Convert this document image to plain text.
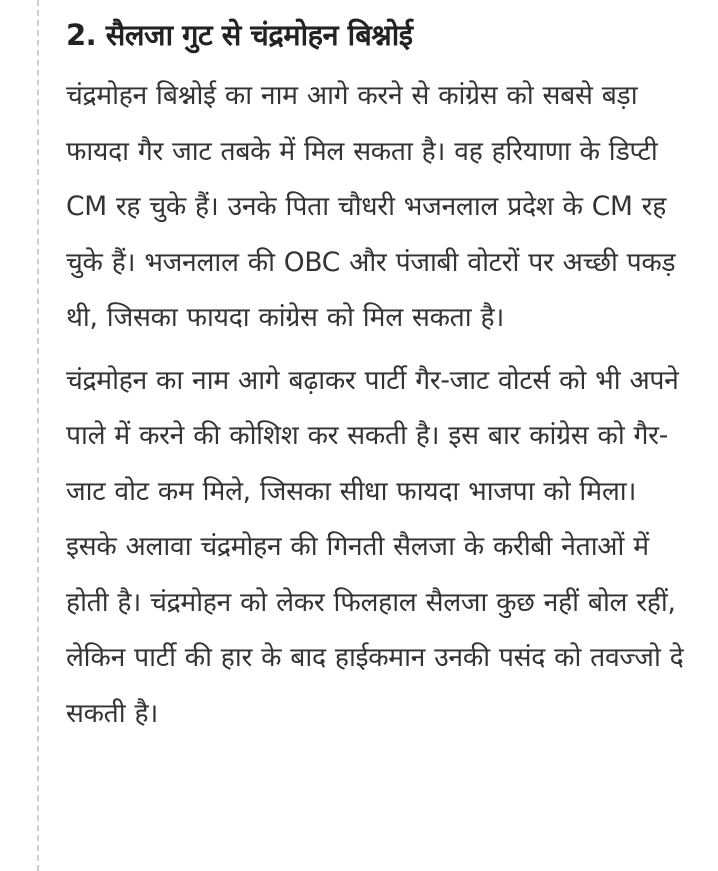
2. सैलजा गुट से चंद्रमोहन बिश्नोई

चंद्रमोहन बिश्नोई का नाम आगे करने से कांग्रेस को सबसे बड़ा फायदा गैर जाट तबके में मिल सकता है। वह हरियाणा के डिप्टी CM रह चुके हैं। उनके पिता चौधरी भजनलाल प्रदेश के CM रह चुके हैं। भजनलाल की OBC और पंजाबी वोटरों पर अच्छी पकड़ थी, जिसका फायदा कांग्रेस को मिल सकता है।

चंद्रमोहन का नाम आगे बढ़ाकर पार्टी गैर-जाट वोटर्स को भी अपने पाले में करने की कोशिश कर सकती है। इस बार कांग्रेस को गैर-जाट वोट कम मिले, जिसका सीधा फायदा भाजपा को मिला। इसके अलावा चंद्रमोहन की गिनती सैलजा के करीबी नेताओं में होती है। चंद्रमोहन को लेकर फिलहाल सैलजा कुछ नहीं बोल रहीं, लेकिन पार्टी की हार के बाद हाईकमान उनकी पसंद को तवज्जो दे सकती है।
